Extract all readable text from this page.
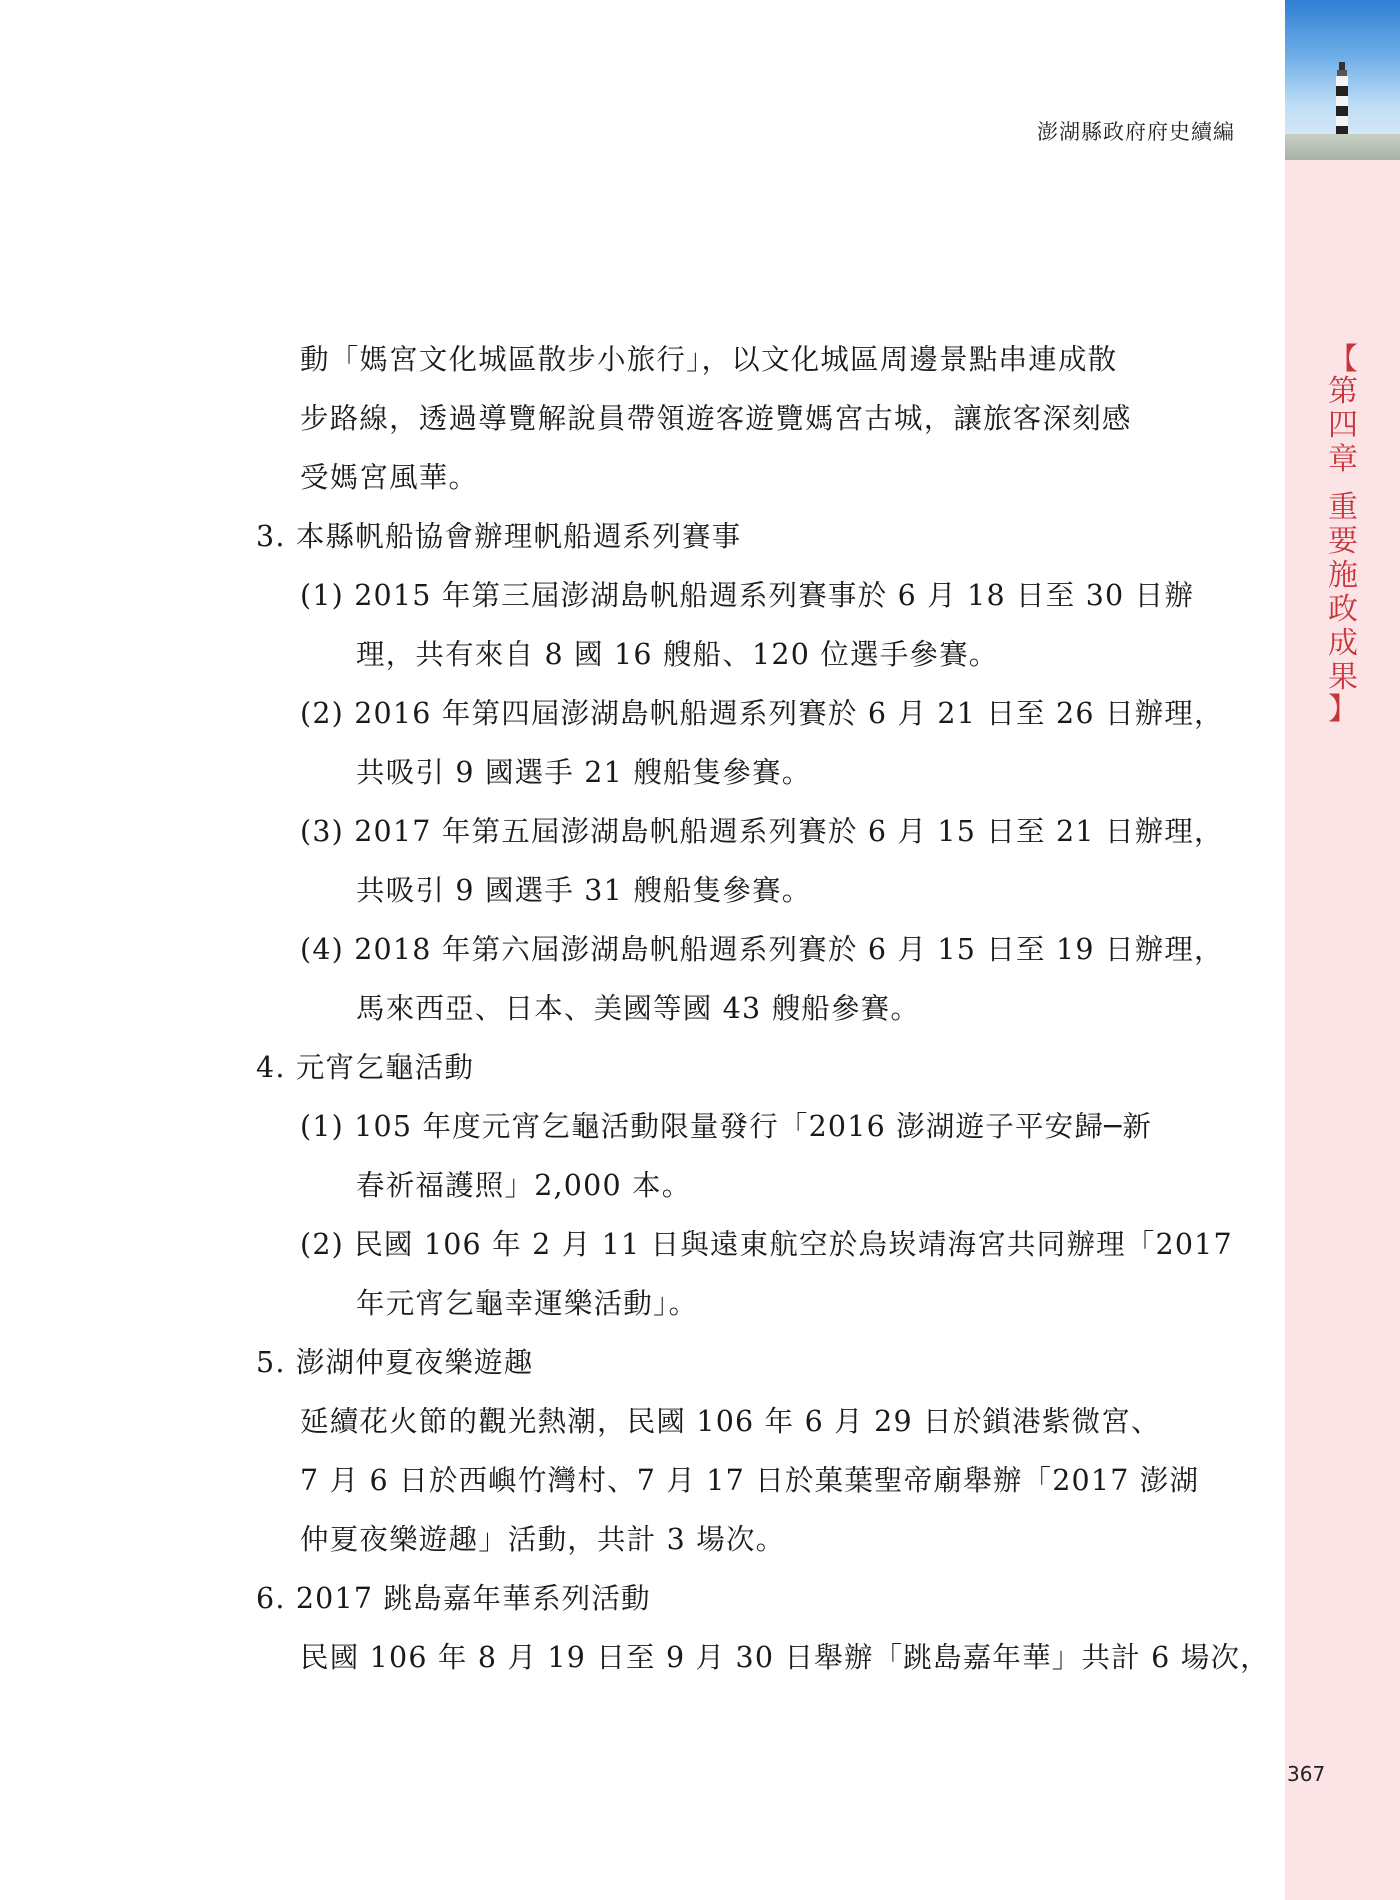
【
第
四
章

重
要
施
政
成
果
】
367
澎湖縣政府府史續編
動「媽宮文化城區散步小旅行」，以文化城區周邊景點串連成散
步路線，透過導覽解說員帶領遊客遊覽媽宮古城，讓旅客深刻感
受媽宮風華。
3. 本縣帆船協會辦理帆船週系列賽事
(1) 2015 年第三屆澎湖島帆船週系列賽事於 6 月 18 日至 30 日辦
理，共有來自 8 國 16 艘船、120 位選手參賽。
(2) 2016 年第四屆澎湖島帆船週系列賽於 6 月 21 日至 26 日辦理，
共吸引 9 國選手 21 艘船隻參賽。
(3) 2017 年第五屆澎湖島帆船週系列賽於 6 月 15 日至 21 日辦理，
共吸引 9 國選手 31 艘船隻參賽。
(4) 2018 年第六屆澎湖島帆船週系列賽於 6 月 15 日至 19 日辦理，
馬來西亞、日本、美國等國 43 艘船參賽。
4. 元宵乞龜活動
(1) 105 年度元宵乞龜活動限量發行「2016 澎湖遊子平安歸─新
春祈福護照」2,000 本。
(2) 民國 106 年 2 月 11 日與遠東航空於烏崁靖海宮共同辦理「2017
年元宵乞龜幸運樂活動」。
5. 澎湖仲夏夜樂遊趣
延續花火節的觀光熱潮，民國 106 年 6 月 29 日於鎖港紫微宮、
7 月 6 日於西嶼竹灣村、7 月 17 日於菓葉聖帝廟舉辦「2017 澎湖
仲夏夜樂遊趣」活動，共計 3 場次。
6. 2017 跳島嘉年華系列活動
民國 106 年 8 月 19 日至 9 月 30 日舉辦「跳島嘉年華」共計 6 場次，
